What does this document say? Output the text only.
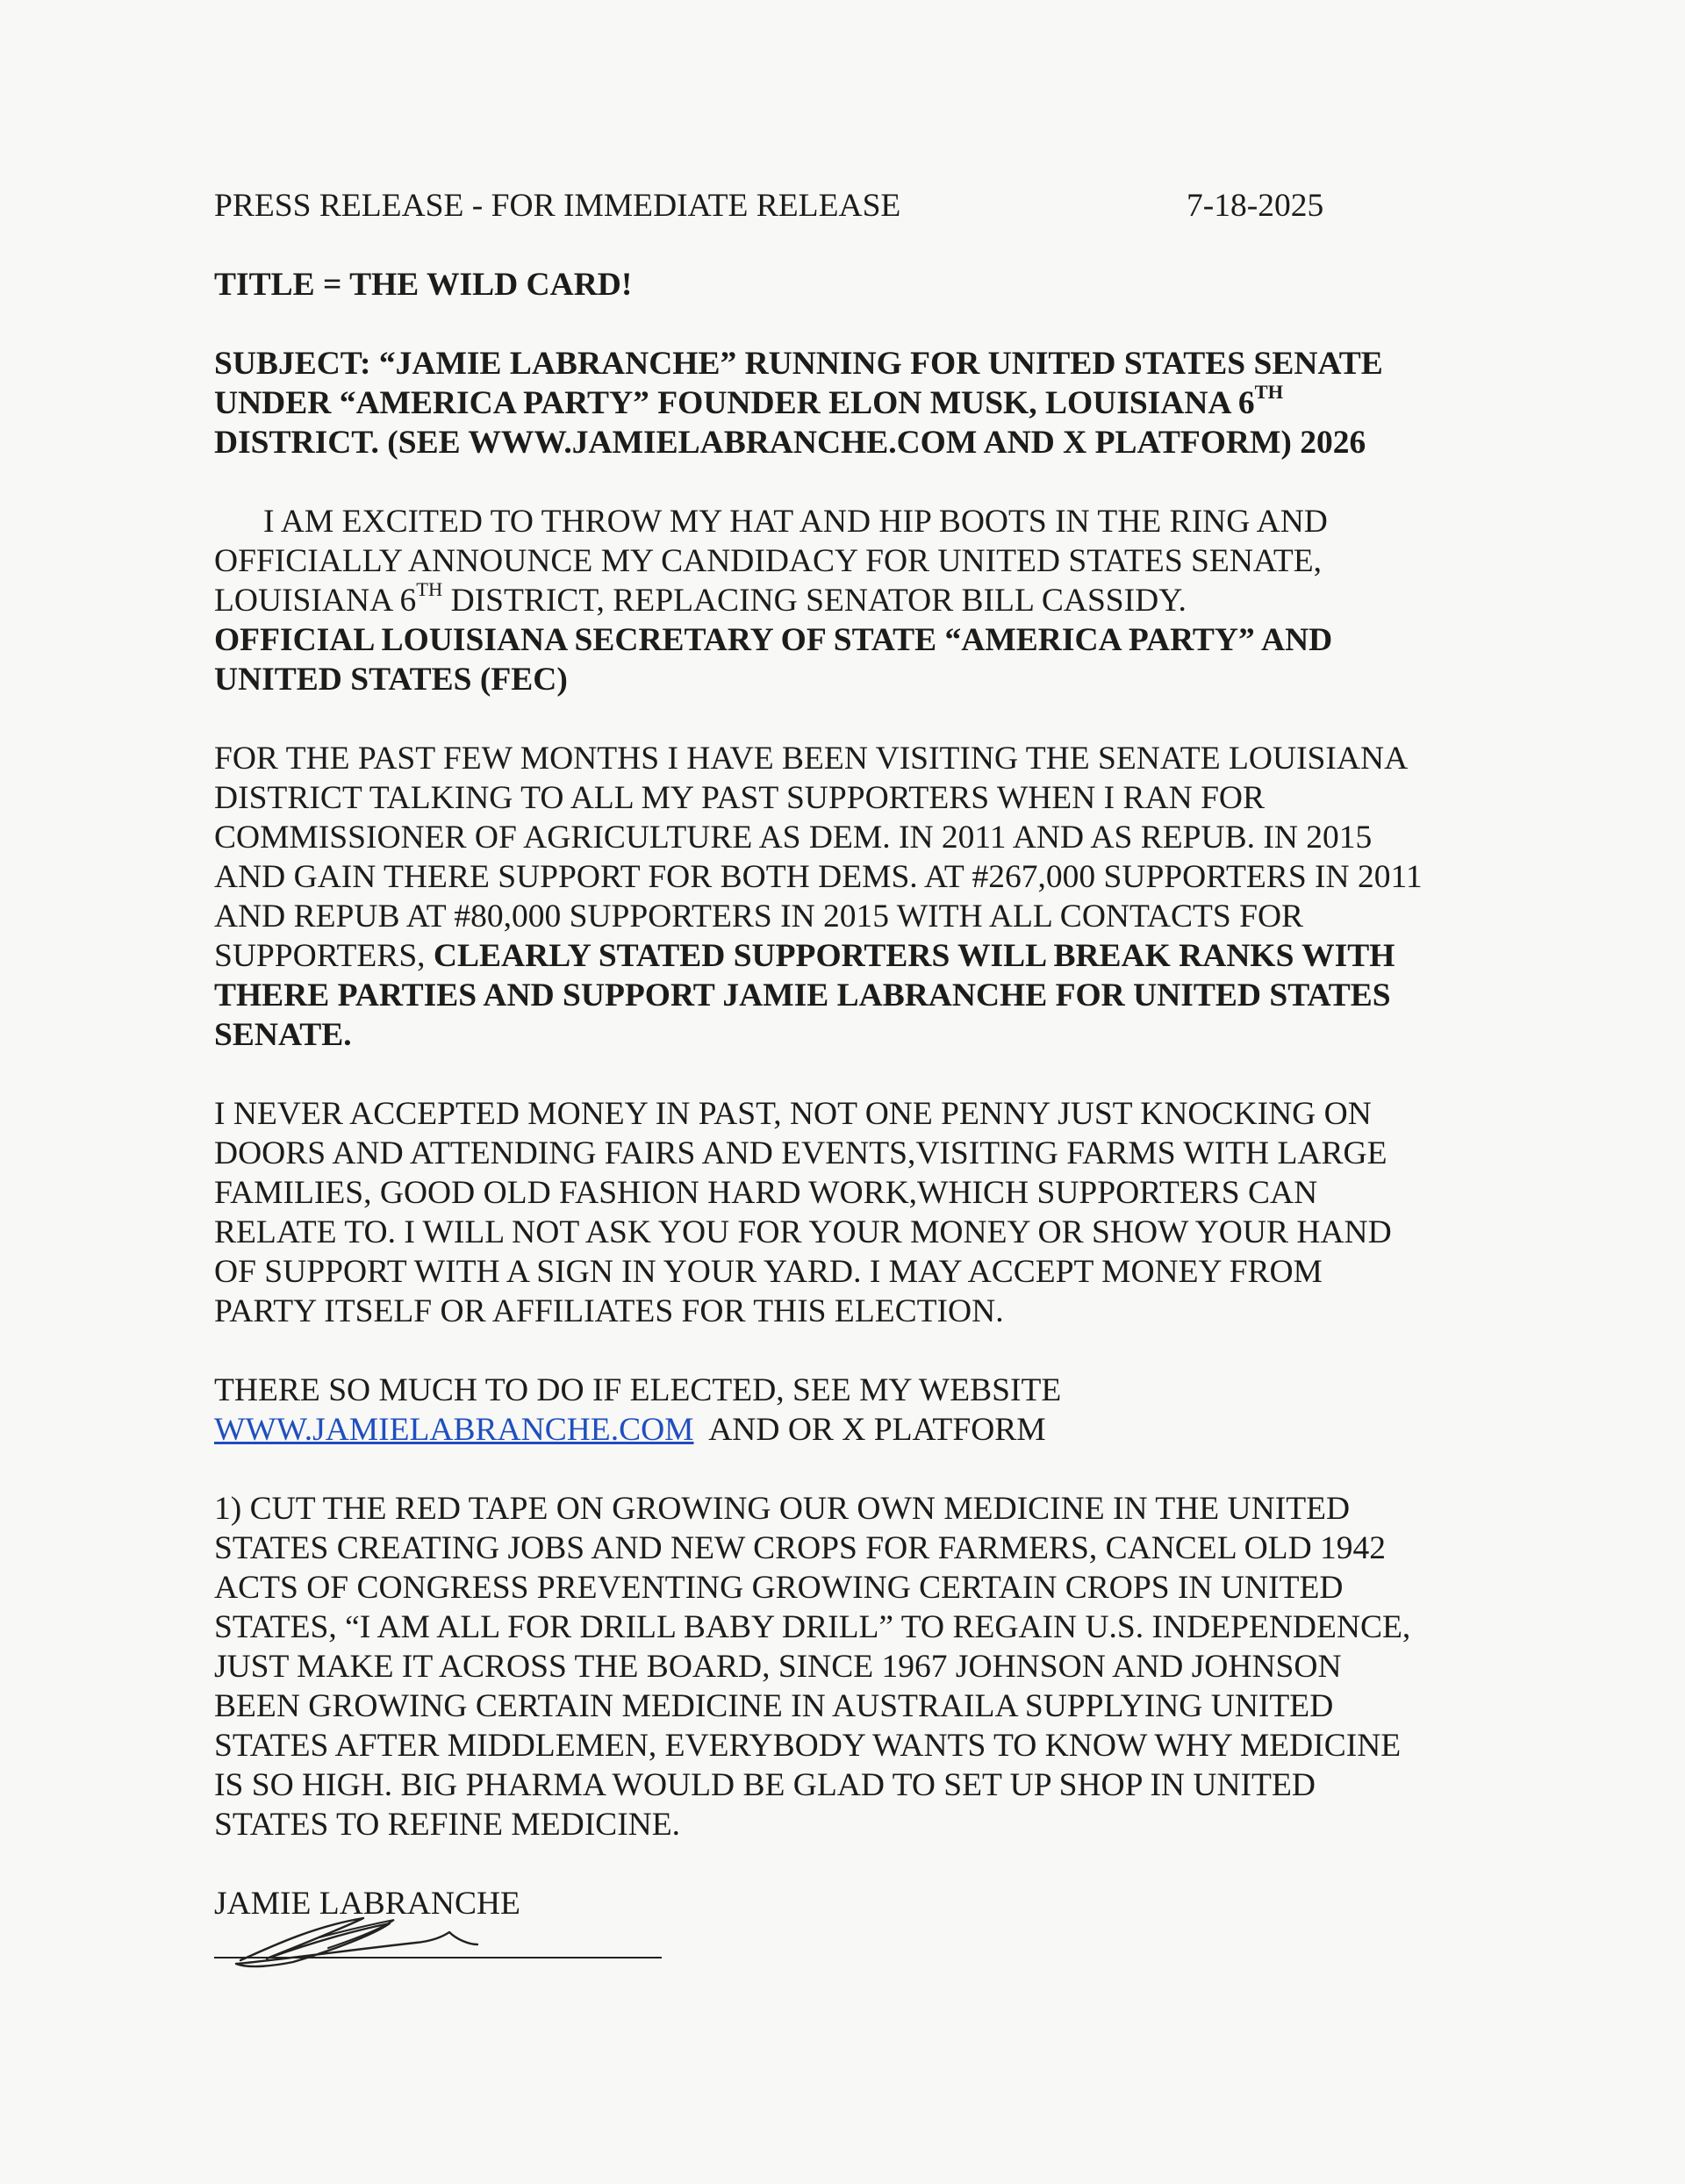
PRESS RELEASE - FOR IMMEDIATE RELEASE	7-18-2025

TITLE = THE WILD CARD!

SUBJECT: “JAMIE LABRANCHE” RUNNING FOR UNITED STATES SENATE UNDER “AMERICA PARTY” FOUNDER ELON MUSK, LOUISIANA 6TH DISTRICT. (SEE WWW.JAMIELABRANCHE.COM AND X PLATFORM) 2026

I AM EXCITED TO THROW MY HAT AND HIP BOOTS IN THE RING AND OFFICIALLY ANNOUNCE MY CANDIDACY FOR UNITED STATES SENATE, LOUISIANA 6TH DISTRICT, REPLACING SENATOR BILL CASSIDY.
OFFICIAL LOUISIANA SECRETARY OF STATE “AMERICA PARTY” AND UNITED STATES (FEC)

FOR THE PAST FEW MONTHS I HAVE BEEN VISITING THE SENATE LOUISIANA DISTRICT TALKING TO ALL MY PAST SUPPORTERS WHEN I RAN FOR COMMISSIONER OF AGRICULTURE AS DEM. IN 2011 AND AS REPUB. IN 2015 AND GAIN THERE SUPPORT FOR BOTH DEMS. AT #267,000 SUPPORTERS IN 2011 AND REPUB AT #80,000 SUPPORTERS IN 2015 WITH ALL CONTACTS FOR SUPPORTERS, CLEARLY STATED SUPPORTERS WILL BREAK RANKS WITH THERE PARTIES AND SUPPORT JAMIE LABRANCHE FOR UNITED STATES SENATE.

I NEVER ACCEPTED MONEY IN PAST, NOT ONE PENNY JUST KNOCKING ON DOORS AND ATTENDING FAIRS AND EVENTS,VISITING FARMS WITH LARGE FAMILIES, GOOD OLD FASHION HARD WORK,WHICH SUPPORTERS CAN RELATE TO. I WILL NOT ASK YOU FOR YOUR MONEY OR SHOW YOUR HAND OF SUPPORT WITH A SIGN IN YOUR YARD. I MAY ACCEPT MONEY FROM PARTY ITSELF OR AFFILIATES FOR THIS ELECTION.

THERE SO MUCH TO DO IF ELECTED, SEE MY WEBSITE
WWW.JAMIELABRANCHE.COM  AND OR X PLATFORM

1) CUT THE RED TAPE ON GROWING OUR OWN MEDICINE IN THE UNITED STATES CREATING JOBS AND NEW CROPS FOR FARMERS, CANCEL OLD 1942 ACTS OF CONGRESS PREVENTING GROWING CERTAIN CROPS IN UNITED STATES, “I AM ALL FOR DRILL BABY DRILL” TO REGAIN U.S. INDEPENDENCE, JUST MAKE IT ACROSS THE BOARD, SINCE 1967 JOHNSON AND JOHNSON BEEN GROWING CERTAIN MEDICINE IN AUSTRAILA SUPPLYING UNITED STATES AFTER MIDDLEMEN, EVERYBODY WANTS TO KNOW WHY MEDICINE IS SO HIGH. BIG PHARMA WOULD BE GLAD TO SET UP SHOP IN UNITED STATES TO REFINE MEDICINE.

JAMIE LABRANCHE
